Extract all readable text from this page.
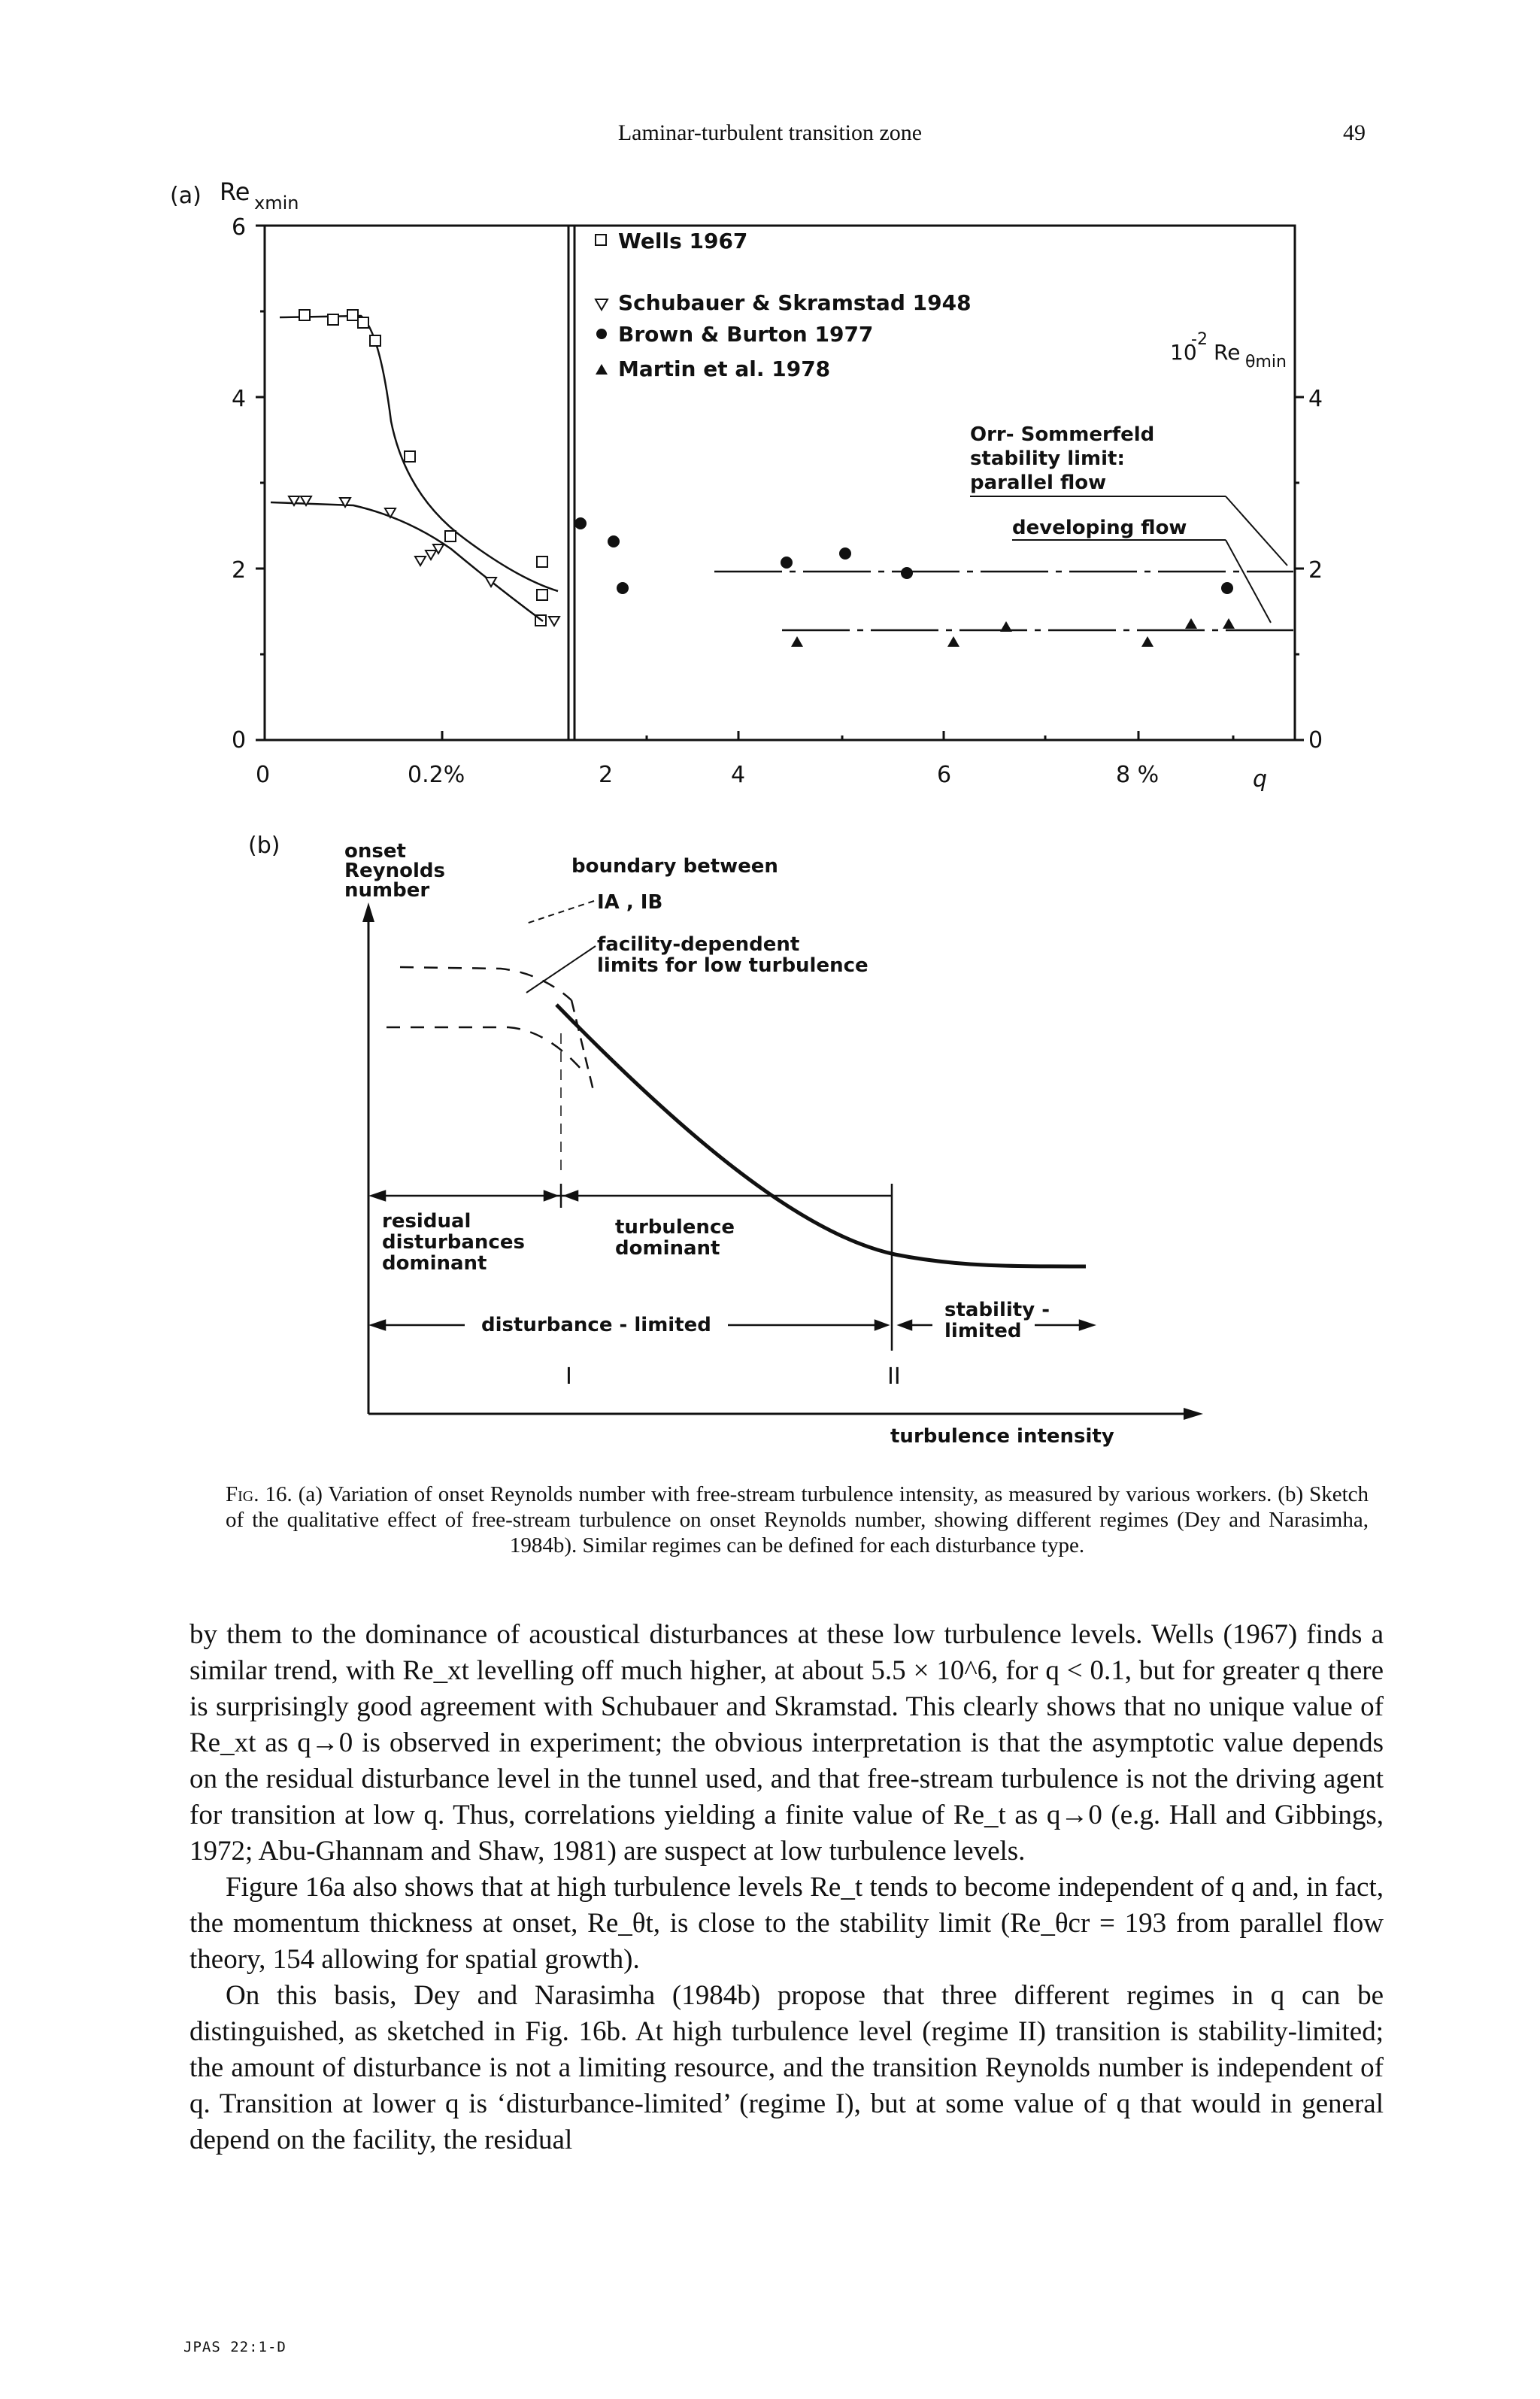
Laminar-turbulent transition zone	49
(a) Re xmin
6
4
2
0
4
2
0
10
-2
Re θmin
0	0.2%	2	4	6	8 %	q
Wells 1967
Schubauer & Skramstad 1948
Brown & Burton 1977
Martin et al. 1978
Orr- Sommerfeld
stability limit:
parallel flow
developing flow
(b)	onset
Reynolds
number
turbulence intensity
boundary between
IA , IB
facility-dependent
limits for low turbulence
residual
disturbances
dominant
turbulence
dominant
disturbance - limited
stability -
limited
I	II
Fig. 16. (a) Variation of onset Reynolds number with free-stream turbulence intensity, as measured by various workers. (b) Sketch of the qualitative effect of free-stream turbulence on onset Reynolds number, showing different regimes (Dey and Narasimha, 1984b). Similar regimes can be defined for each disturbance type.

by them to the dominance of acoustical disturbances at these low turbulence levels. Wells (1967) finds a similar trend, with Re_xt levelling off much higher, at about 5.5 × 10^6, for q < 0.1, but for greater q there is surprisingly good agreement with Schubauer and Skramstad. This clearly shows that no unique value of Re_xt as q→0 is observed in experiment; the obvious interpretation is that the asymptotic value depends on the residual disturbance level in the tunnel used, and that free-stream turbulence is not the driving agent for transition at low q. Thus, correlations yielding a finite value of Re_t as q→0 (e.g. Hall and Gibbings, 1972; Abu-Ghannam and Shaw, 1981) are suspect at low turbulence levels.

Figure 16a also shows that at high turbulence levels Re_t tends to become independent of q and, in fact, the momentum thickness at onset, Re_θt, is close to the stability limit (Re_θcr = 193 from parallel flow theory, 154 allowing for spatial growth).

On this basis, Dey and Narasimha (1984b) propose that three different regimes in q can be distinguished, as sketched in Fig. 16b. At high turbulence level (regime II) transition is stability-limited; the amount of disturbance is not a limiting resource, and the transition Reynolds number is independent of q. Transition at lower q is ‘disturbance-limited’ (regime I), but at some value of q that would in general depend on the facility, the residual

JPAS 22:1-D
